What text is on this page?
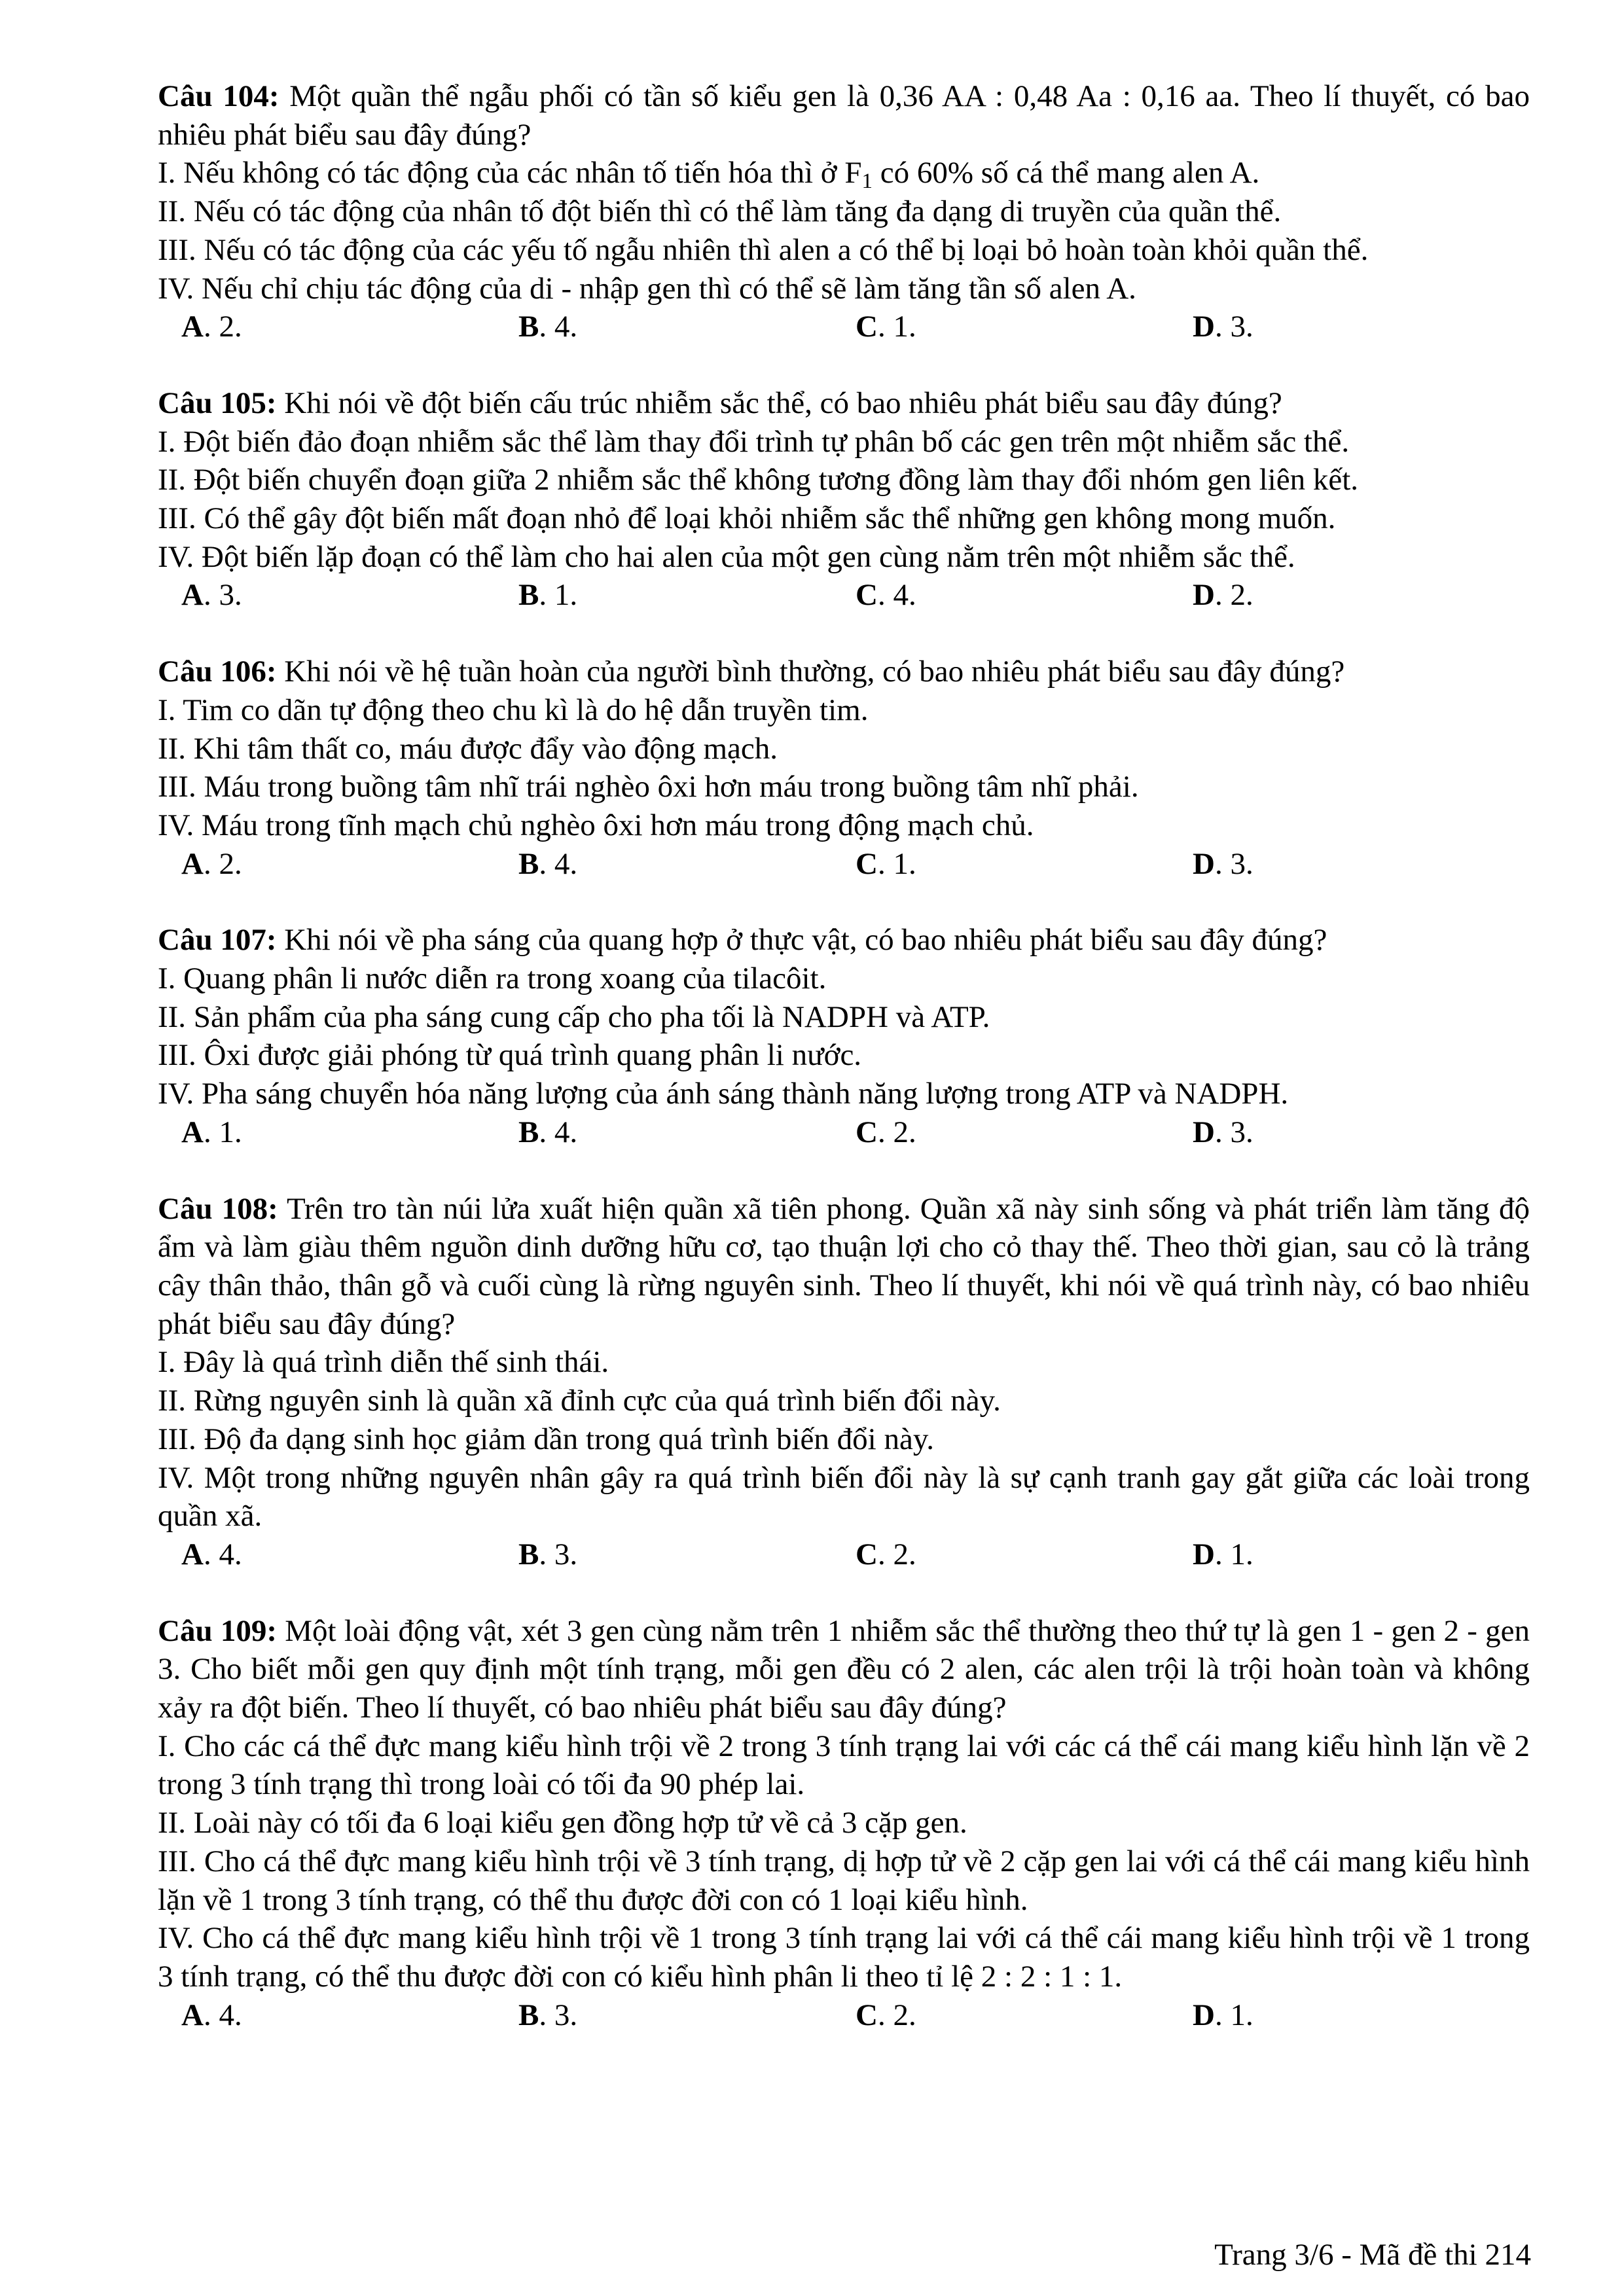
Câu 104: Một quần thể ngẫu phối có tần số kiểu gen là 0,36 AA : 0,48 Aa : 0,16 aa. Theo lí thuyết, có bao nhiêu phát biểu sau đây đúng?

I. Nếu không có tác động của các nhân tố tiến hóa thì ở $F_1$ có 60% số cá thể mang alen A.

II. Nếu có tác động của nhân tố đột biến thì có thể làm tăng đa dạng di truyền của quần thể.

III. Nếu có tác động của các yếu tố ngẫu nhiên thì alen a có thể bị loại bỏ hoàn toàn khỏi quần thể.

IV. Nếu chỉ chịu tác động của di - nhập gen thì có thể sẽ làm tăng tần số alen A.

A. 2.	B. 4.	C. 1.	D. 3.

Câu 105: Khi nói về đột biến cấu trúc nhiễm sắc thể, có bao nhiêu phát biểu sau đây đúng?

I. Đột biến đảo đoạn nhiễm sắc thể làm thay đổi trình tự phân bố các gen trên một nhiễm sắc thể.

II. Đột biến chuyển đoạn giữa 2 nhiễm sắc thể không tương đồng làm thay đổi nhóm gen liên kết.

III. Có thể gây đột biến mất đoạn nhỏ để loại khỏi nhiễm sắc thể những gen không mong muốn.

IV. Đột biến lặp đoạn có thể làm cho hai alen của một gen cùng nằm trên một nhiễm sắc thể.

A. 3.	B. 1.	C. 4.	D. 2.

Câu 106: Khi nói về hệ tuần hoàn của người bình thường, có bao nhiêu phát biểu sau đây đúng?

I. Tim co dãn tự động theo chu kì là do hệ dẫn truyền tim.

II. Khi tâm thất co, máu được đẩy vào động mạch.

III. Máu trong buồng tâm nhĩ trái nghèo ôxi hơn máu trong buồng tâm nhĩ phải.

IV. Máu trong tĩnh mạch chủ nghèo ôxi hơn máu trong động mạch chủ.

A. 2.	B. 4.	C. 1.	D. 3.

Câu 107: Khi nói về pha sáng của quang hợp ở thực vật, có bao nhiêu phát biểu sau đây đúng?

I. Quang phân li nước diễn ra trong xoang của tilacôit.

II. Sản phẩm của pha sáng cung cấp cho pha tối là NADPH và ATP.

III. Ôxi được giải phóng từ quá trình quang phân li nước.

IV. Pha sáng chuyển hóa năng lượng của ánh sáng thành năng lượng trong ATP và NADPH.

A. 1.	B. 4.	C. 2.	D. 3.

Câu 108: Trên tro tàn núi lửa xuất hiện quần xã tiên phong. Quần xã này sinh sống và phát triển làm tăng độ ẩm và làm giàu thêm nguồn dinh dưỡng hữu cơ, tạo thuận lợi cho cỏ thay thế. Theo thời gian, sau cỏ là trảng cây thân thảo, thân gỗ và cuối cùng là rừng nguyên sinh. Theo lí thuyết, khi nói về quá trình này, có bao nhiêu phát biểu sau đây đúng?

I. Đây là quá trình diễn thế sinh thái.

II. Rừng nguyên sinh là quần xã đỉnh cực của quá trình biến đổi này.

III. Độ đa dạng sinh học giảm dần trong quá trình biến đổi này.

IV. Một trong những nguyên nhân gây ra quá trình biến đổi này là sự cạnh tranh gay gắt giữa các loài trong quần xã.

A. 4.	B. 3.	C. 2.	D. 1.

Câu 109: Một loài động vật, xét 3 gen cùng nằm trên 1 nhiễm sắc thể thường theo thứ tự là gen 1 - gen 2 - gen 3. Cho biết mỗi gen quy định một tính trạng, mỗi gen đều có 2 alen, các alen trội là trội hoàn toàn và không xảy ra đột biến. Theo lí thuyết, có bao nhiêu phát biểu sau đây đúng?

I. Cho các cá thể đực mang kiểu hình trội về 2 trong 3 tính trạng lai với các cá thể cái mang kiểu hình lặn về 2 trong 3 tính trạng thì trong loài có tối đa 90 phép lai.

II. Loài này có tối đa 6 loại kiểu gen đồng hợp tử về cả 3 cặp gen.

III. Cho cá thể đực mang kiểu hình trội về 3 tính trạng, dị hợp tử về 2 cặp gen lai với cá thể cái mang kiểu hình lặn về 1 trong 3 tính trạng, có thể thu được đời con có 1 loại kiểu hình.

IV. Cho cá thể đực mang kiểu hình trội về 1 trong 3 tính trạng lai với cá thể cái mang kiểu hình trội về 1 trong 3 tính trạng, có thể thu được đời con có kiểu hình phân li theo tỉ lệ 2 : 2 : 1 : 1.

A. 4.	B. 3.	C. 2.	D. 1.
Trang 3/6 - Mã đề thi 214
